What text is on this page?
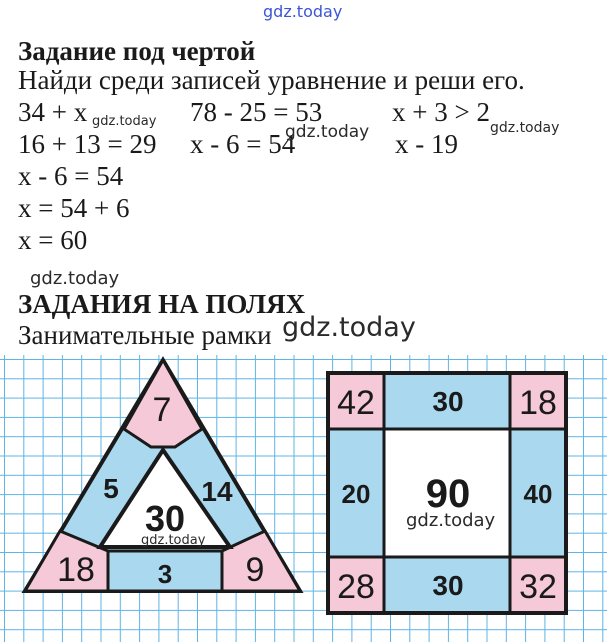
gdz.today
Задание под чертой
Найди среди записей уравнение и реши его.
34 + x	78 - 25 = 53	x + 3 > 2
16 + 13 = 29 x - 6 = 54	x - 19
x - 6 = 54
x = 54 + 6
x = 60
gdz.today
gdz.today	gdz.today
gdz.today
ЗАДАНИЯ НА ПОЛЯХ
Занимательные рамки
7
5	14
30
18 3 9
42 30 18
20 90 40
28 30 32
gdz.today
gdz.today
gdz.today
